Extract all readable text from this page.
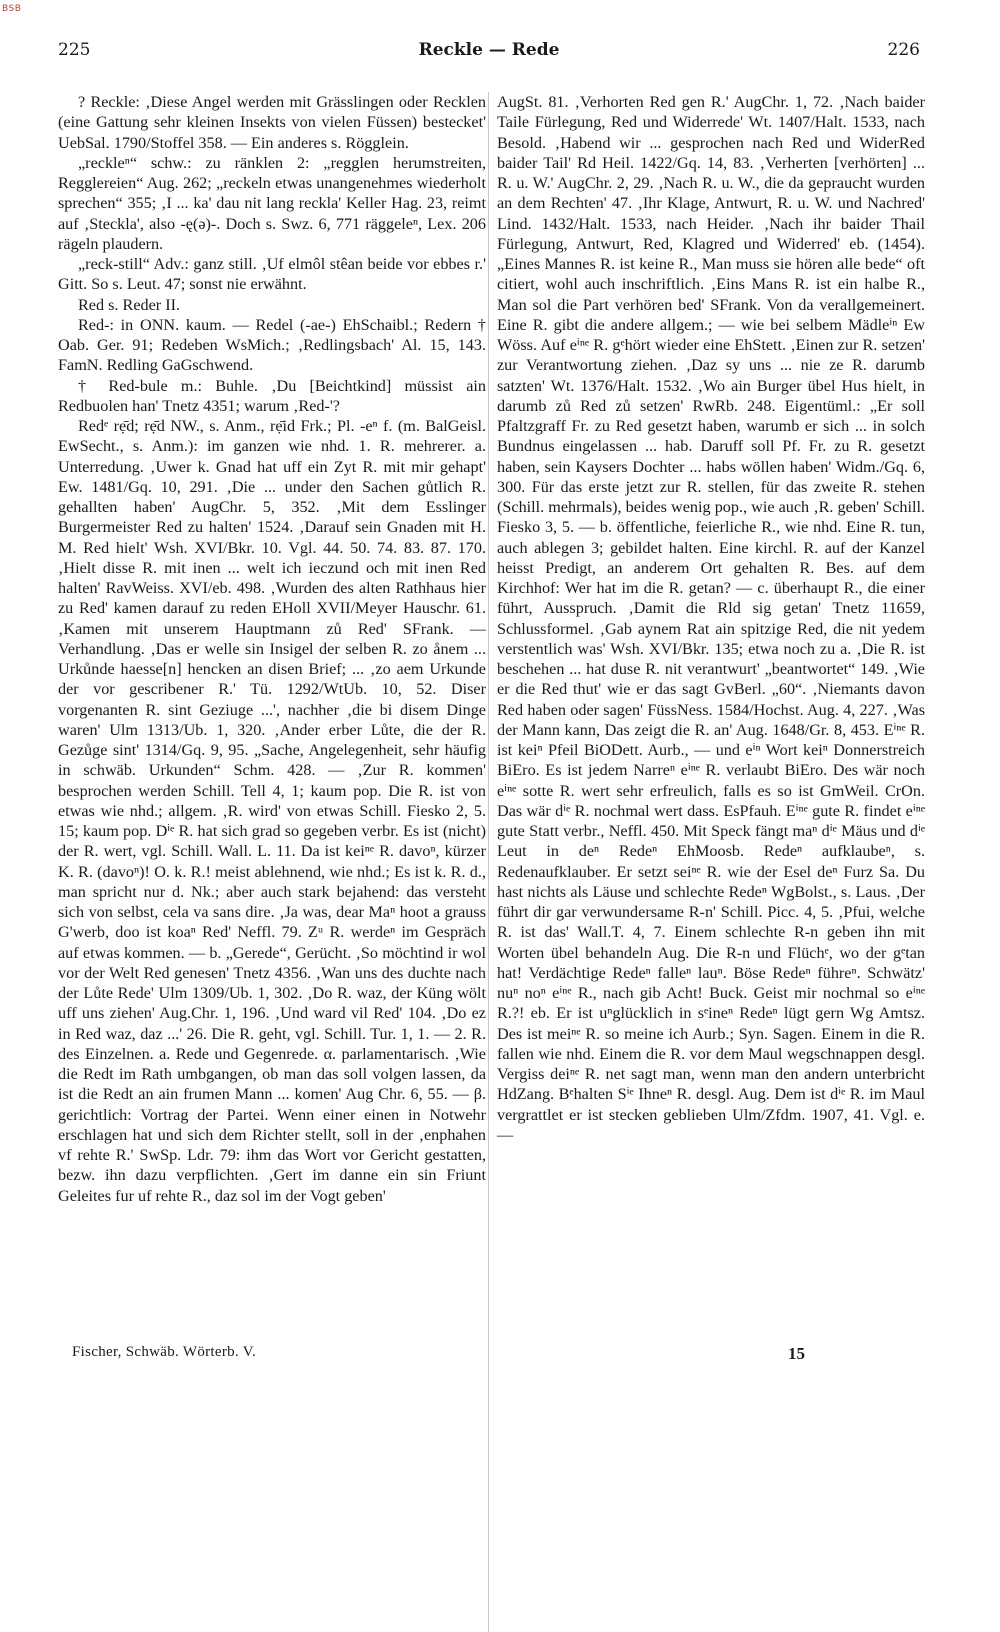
BSB
225	Reckle — Rede	226

? Reckle: ‚Diese Angel werden mit Grässlingen oder Recklen (eine Gattung sehr kleinen Insekts von vielen Füssen) bestecket' UebSal. 1790/Stoffel 358. — Ein anderes s. Rögglein.

„reckleⁿ“ schw.: zu ränklen 2: „regglen herumstreiten, Regglereien“ Aug. 262; „reckeln etwas unangenehmes wiederholt sprechen“ 355; ‚I ... ka' dau nit lang reckla' Keller Hag. 23, reimt auf ‚Steckla', also -ę(ə)-. Doch s. Swz. 6, 771 räggeleⁿ, Lex. 206 rägeln plaudern.

„reck-still“ Adv.: ganz still. ‚Uf elmôl stêan beide vor ebbes r.' Gitt. So s. Leut. 47; sonst nie erwähnt.

Red s. Reder II.

Red-: in ONN. kaum. — Redel (-ae-) EhSchaibl.; Redern † Oab. Ger. 91; Redeben WsMich.; ‚Redlingsbach' Al. 15, 143. FamN. Redling GaGschwend.

† Red-bule m.: Buhle. ‚Du [Beichtkind] müssist ain Redbuolen han' Tnetz 4351; warum ‚Red-'?

Redᵉ rẹ̄d; rẹ̄d NW., s. Anm., rẹ̄id Frk.; Pl. -eⁿ f. (m. BalGeisl. EwSecht., s. Anm.): im ganzen wie nhd. 1. R. mehrerer. a. Unterredung. ‚Uwer k. Gnad hat uff ein Zyt R. mit mir gehapt' Ew. 1481/Gq. 10, 291. ‚Die ... under den Sachen gůtlich R. gehallten haben' AugChr. 5, 352. ‚Mit dem Esslinger Burgermeister Red zu halten' 1524. ‚Darauf sein Gnaden mit H. M. Red hielt' Wsh. XVI/Bkr. 10. Vgl. 44. 50. 74. 83. 87. 170. ‚Hielt disse R. mit inen ... welt ich ieczund och mit inen Red halten' RavWeiss. XVI/eb. 498. ‚Wurden des alten Rathhaus hier zu Red' kamen darauf zu reden EHoll XVII/Meyer Hauschr. 61. ‚Kamen mit unserem Hauptmann zů Red' SFrank. — Verhandlung. ‚Das er welle sin Insigel der selben R. zo ånem ... Urkůnde haesse[n] hencken an disen Brief; ... ‚zo aem Urkunde der vor gescribener R.' Tü. 1292/WtUb. 10, 52. Diser vorgenanten R. sint Geziuge ...', nachher ‚die bi disem Dinge waren' Ulm 1313/Ub. 1, 320. ‚Ander erber Lůte, die der R. Gezůge sint' 1314/Gq. 9, 95. „Sache, Angelegenheit, sehr häufig in schwäb. Urkunden“ Schm. 428. — ‚Zur R. kommen' besprochen werden Schill. Tell 4, 1; kaum pop. Die R. ist von etwas wie nhd.; allgem. ‚R. wird' von etwas Schill. Fiesko 2, 5. 15; kaum pop. Dⁱᵉ R. hat sich grad so gegeben verbr. Es ist (nicht) der R. wert, vgl. Schill. Wall. L. 11. Da ist keiⁿᵉ R. davoⁿ, kürzer K. R. (davoⁿ)! O. k. R.! meist ablehnend, wie nhd.; Es ist k. R. d., man spricht nur d. Nk.; aber auch stark bejahend: das versteht sich von selbst, cela va sans dire. ‚Ja was, dear Maⁿ hoot a grauss G'werb, doo ist koaⁿ Red' Neffl. 79. Zᵘ R. werdeⁿ im Gespräch auf etwas kommen. — b. „Gerede“, Gerücht. ‚So möchtind ir wol vor der Welt Red genesen' Tnetz 4356. ‚Wan uns des duchte nach der Lůte Rede' Ulm 1309/Ub. 1, 302. ‚Do R. waz, der Küng wölt uff uns ziehen' Aug.Chr. 1, 196. ‚Und ward vil Red' 104. ‚Do ez in Red waz, daz ...' 26. Die R. geht, vgl. Schill. Tur. 1, 1. — 2. R. des Einzelnen. a. Rede und Gegenrede. α. parlamentarisch. ‚Wie die Redt im Rath umbgangen, ob man das soll volgen lassen, da ist die Redt an ain frumen Mann ... komen' Aug Chr. 6, 55. — β. gerichtlich: Vortrag der Partei. Wenn einer einen in Notwehr erschlagen hat und sich dem Richter stellt, soll in der ‚enphahen vf rehte R.' SwSp. Ldr. 79: ihm das Wort vor Gericht gestatten, bezw. ihn dazu verpflichten. ‚Gert im danne ein sin Friunt Geleites fur uf rehte R., daz sol im der Vogt geben'

AugSt. 81. ‚Verhorten Red gen R.' AugChr. 1, 72. ‚Nach baider Taile Fürlegung, Red und Widerrede' Wt. 1407/Halt. 1533, nach Besold. ‚Habend wir ... gesprochen nach Red und WiderRed baider Tail' Rd Heil. 1422/Gq. 14, 83. ‚Verherten [verhörten] ... R. u. W.' AugChr. 2, 29. ‚Nach R. u. W., die da gepraucht wurden an dem Rechten' 47. ‚Ihr Klage, Antwurt, R. u. W. und Nachred' Lind. 1432/Halt. 1533, nach Heider. ‚Nach ihr baider Thail Fürlegung, Antwurt, Red, Klagred und Widerred' eb. (1454). „Eines Mannes R. ist keine R., Man muss sie hören alle bede“ oft citiert, wohl auch inschriftlich. ‚Eins Mans R. ist ein halbe R., Man sol die Part verhören bed' SFrank. Von da verallgemeinert. Eine R. gibt die andere allgem.; — wie bei selbem Mädleⁱⁿ Ew Wöss. Auf eⁱⁿᵉ R. gᵉhört wieder eine EhStett. ‚Einen zur R. setzen' zur Verantwortung ziehen. ‚Daz sy uns ... nie ze R. darumb satzten' Wt. 1376/Halt. 1532. ‚Wo ain Burger übel Hus hielt, in darumb zů Red zů setzen' RwRb. 248. Eigentüml.: „Er soll Pfaltzgraff Fr. zu Red gesetzt haben, warumb er sich ... in solch Bundnus eingelassen ... hab. Daruff soll Pf. Fr. zu R. gesetzt haben, sein Kaysers Dochter ... habs wöllen haben' Widm./Gq. 6, 300. Für das erste jetzt zur R. stellen, für das zweite R. stehen (Schill. mehrmals), beides wenig pop., wie auch ‚R. geben' Schill. Fiesko 3, 5. — b. öffentliche, feierliche R., wie nhd. Eine R. tun, auch ablegen 3; gebildet halten. Eine kirchl. R. auf der Kanzel heisst Predigt, an anderem Ort gehalten R. Bes. auf dem Kirchhof: Wer hat im die R. getan? — c. überhaupt R., die einer führt, Ausspruch. ‚Damit die Rld sig getan' Tnetz 11659, Schlussformel. ‚Gab aynem Rat ain spitzige Red, die nit yedem verstentlich was' Wsh. XVI/Bkr. 135; etwa noch zu a. ‚Die R. ist beschehen ... hat duse R. nit verantwurt' „beantwortet“ 149. ‚Wie er die Red thut' wie er das sagt GvBerl. „60“. ‚Niemants davon Red haben oder sagen' FüssNess. 1584/Hochst. Aug. 4, 227. ‚Was der Mann kann, Das zeigt die R. an' Aug. 1648/Gr. 8, 453. Eⁱⁿᵉ R. ist keiⁿ Pfeil BiODett. Aurb., — und eⁱⁿ Wort keiⁿ Donnerstreich BiEro. Es ist jedem Narreⁿ eⁱⁿᵉ R. verlaubt BiEro. Des wär noch eⁱⁿᵉ sotte R. wert sehr erfreulich, falls es so ist GmWeil. CrOn. Das wär dⁱᵉ R. nochmal wert dass. EsPfauh. Eⁱⁿᵉ gute R. findet eⁱⁿᵉ gute Statt verbr., Neffl. 450. Mit Speck fängt maⁿ dⁱᵉ Mäus und dⁱᵉ Leut in deⁿ Redeⁿ EhMoosb. Redeⁿ aufklaubeⁿ, s. Redenaufklauber. Er setzt seiⁿᵉ R. wie der Esel deⁿ Furz Sa. Du hast nichts als Läuse und schlechte Redeⁿ WgBolst., s. Laus. ‚Der führt dir gar verwundersame R-n' Schill. Picc. 4, 5. ‚Pfui, welche R. ist das' Wall.T. 4, 7. Einem schlechte R-n geben ihn mit Worten übel behandeln Aug. Die R-n und Flüchᵉ, wo der gᵉtan hat! Verdächtige Redeⁿ falleⁿ lauⁿ. Böse Redeⁿ führeⁿ. Schwätz' nuⁿ noⁿ eⁱⁿᵉ R., nach gib Acht! Buck. Geist mir nochmal so eⁱⁿᵉ R.?! eb. Er ist uⁿglücklich in sᵉineⁿ Redeⁿ lügt gern Wg Amtsz. Des ist meiⁿᵉ R. so meine ich Aurb.; Syn. Sagen. Einem in die R. fallen wie nhd. Einem die R. vor dem Maul wegschnappen desgl. Vergiss deiⁿᵉ R. net sagt man, wenn man den andern unterbricht HdZang. Bᵉhalten Sⁱᵉ Ihneⁿ R. desgl. Aug. Dem ist dⁱᵉ R. im Maul vergrattlet er ist stecken geblieben Ulm/Zfdm. 1907, 41. Vgl. e. —

Fischer, Schwäb. Wörterb. V.	15
